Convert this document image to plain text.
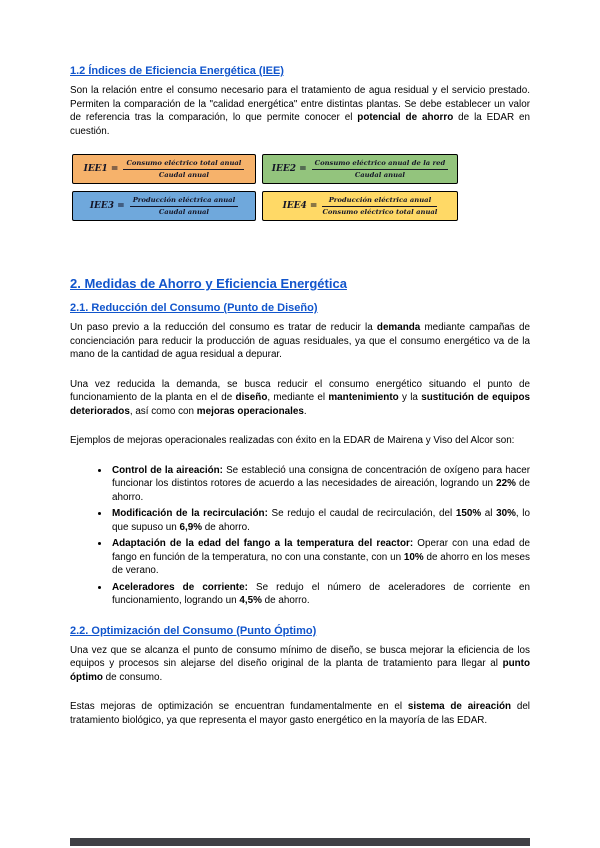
1.2 Índices de Eficiencia Energética (IEE)

Son la relación entre el consumo necesario para el tratamiento de agua residual y el servicio prestado. Permiten la comparación de la "calidad energética" entre distintas plantas. Se debe establecer un valor de referencia tras la comparación, lo que permite conocer el potencial de ahorro de la EDAR en cuestión.

$IEE1 = \frac{\text{Consumo eléctrico total anual}}{\text{Caudal anual}}$	$IEE2 = \frac{\text{Consumo eléctrico anual de la red}}{\text{Caudal anual}}$
$IEE3 = \frac{\text{Producción eléctrica anual}}{\text{Caudal anual}}$	$IEE4 = \frac{\text{Producción eléctrica anual}}{\text{Consumo eléctrico total anual}}$
2. Medidas de Ahorro y Eficiencia Energética
2.1. Reducción del Consumo (Punto de Diseño)

Un paso previo a la reducción del consumo es tratar de reducir la demanda mediante campañas de concienciación para reducir la producción de aguas residuales, ya que el consumo energético va de la mano de la cantidad de agua residual a depurar.

Una vez reducida la demanda, se busca reducir el consumo energético situando el punto de funcionamiento de la planta en el de diseño, mediante el mantenimiento y la sustitución de equipos deteriorados, así como con mejoras operacionales.

Ejemplos de mejoras operacionales realizadas con éxito en la EDAR de Mairena y Viso del Alcor son:

• Control de la aireación: Se estableció una consigna de concentración de oxígeno para hacer funcionar los distintos rotores de acuerdo a las necesidades de aireación, logrando un 22% de ahorro.
• Modificación de la recirculación: Se redujo el caudal de recirculación, del 150% al 30%, lo que supuso un 6,9% de ahorro.
• Adaptación de la edad del fango a la temperatura del reactor: Operar con una edad de fango en función de la temperatura, no con una constante, con un 10% de ahorro en los meses de verano.
• Aceleradores de corriente: Se redujo el número de aceleradores de corriente en funcionamiento, logrando un 4,5% de ahorro.
2.2. Optimización del Consumo (Punto Óptimo)

Una vez que se alcanza el punto de consumo mínimo de diseño, se busca mejorar la eficiencia de los equipos y procesos sin alejarse del diseño original de la planta de tratamiento para llegar al punto óptimo de consumo.

Estas mejoras de optimización se encuentran fundamentalmente en el sistema de aireación del tratamiento biológico, ya que representa el mayor gasto energético en la mayoría de las EDAR.
